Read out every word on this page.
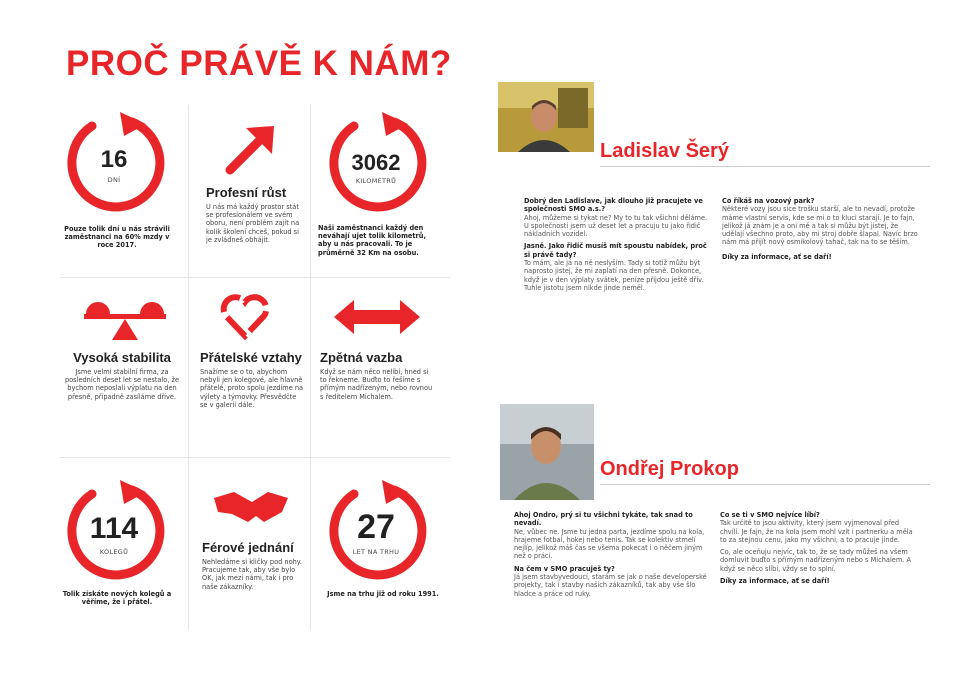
PROČ PRÁVĚ K NÁM?
16
DNÍ
Pouze tolik dní u nás strávili zaměstnanci na 60% mzdy v roce 2017.
Profesní růst
U nás má každý prostor stát se profesionálem ve svém oboru, není problém zajít na kolik školení chceš, pokud si je zvládneš obhájit.
3062
KILOMETRŮ
Naši zaměstnanci každý den neváhají ujet tolik kilometrů, aby u nás pracovali. To je průměrně 32 Km na osobu.
Vysoká stabilita
Jsme velmi stabilní firma, za posledních deset let se nestalo, že bychom neposlali výplatu na den přesně, případně zasíláme dříve.
Přátelské vztahy
Snažíme se o to, abychom nebyli jen kolegové, ale hlavně přátelé, proto spolu jezdíme na výlety a týmovky. Přesvědčte se v galerii dále.
Zpětná vazba
Když se nám něco nelíbí, hned si to řekneme. Buďto to řešíme s přímým nadřízeným, nebo rovnou s ředitelem Michalem.
114
KOLEGŮ
Tolik získáte nových kolegů a věříme, že i přátel.
Férové jednání
Nehledáme si kličky pod nohy. Pracujeme tak, aby vše bylo OK, jak mezi námi, tak i pro naše zákazníky.
27
LET NA TRHU
Jsme na trhu již od roku 1991.
Ladislav Šerý

Dobrý den Ladislave, jak dlouho již pracujete ve společnosti SMO a.s.?
Ahoj, můžeme si tykat ne? My to tu tak všichni děláme. U společnosti jsem už deset let a pracuju tu jako řidič nákladních vozidel.

Jasně. Jako řidič musíš mít spoustu nabídek, proč si právě tady?
To mám, ale já na ně neslyším. Tady si totiž můžu být naprosto jistej, že mi zaplatí na den přesně. Dokonce, když je v den výplaty svátek, peníze přijdou ještě dřív. Tuhle jistotu jsem nikde jinde neměl.

Co říkáš na vozový park?
Některé vozy jsou sice trošku starší, ale to nevadí, protože máme vlastní servis, kde se mi o to kluci starají. Je to fajn, jelikož já znám je a oni mě a tak si můžu být jistej, že udělají všechno proto, aby mi stroj dobře šlapal. Navíc brzo nám má přijít nový osmikolový tahač, tak na to se těším.

Díky za informace, ať se daří!
Ondřej Prokop

Ahoj Ondro, prý si tu všichni tykáte, tak snad to nevadí.
Ne, vůbec ne. Jsme tu jedna parta, jezdíme spolu na kola, hrajeme fotbal, hokej nebo tenis. Tak se kolektiv stmelí nejlíp, jelikož máš čas se všema pokecat i o něčem jiným než o práci.

Na čem v SMO pracuješ ty?
Já jsem stavbyvedoucí, starám se jak o naše developerské projekty, tak i stavby našich zákazníků, tak aby vše šlo hladce a práce od ruky.

Co se ti v SMO nejvíce líbí?
Tak určitě to jsou aktivity, který jsem vyjmenoval před chvílí. Je fajn, že na kola jsem mohl vzít i partnerku a měla to za stejnou cenu, jako my všichni, a to pracuje jinde.

Co, ale oceňuju nejvíc, tak to, že se tady můžeš na všem domluvit buďto s přímým nadřízeným nebo s Michalem. A když se něco slíbí, vždy se to splní.

Díky za informace, ať se daří!
